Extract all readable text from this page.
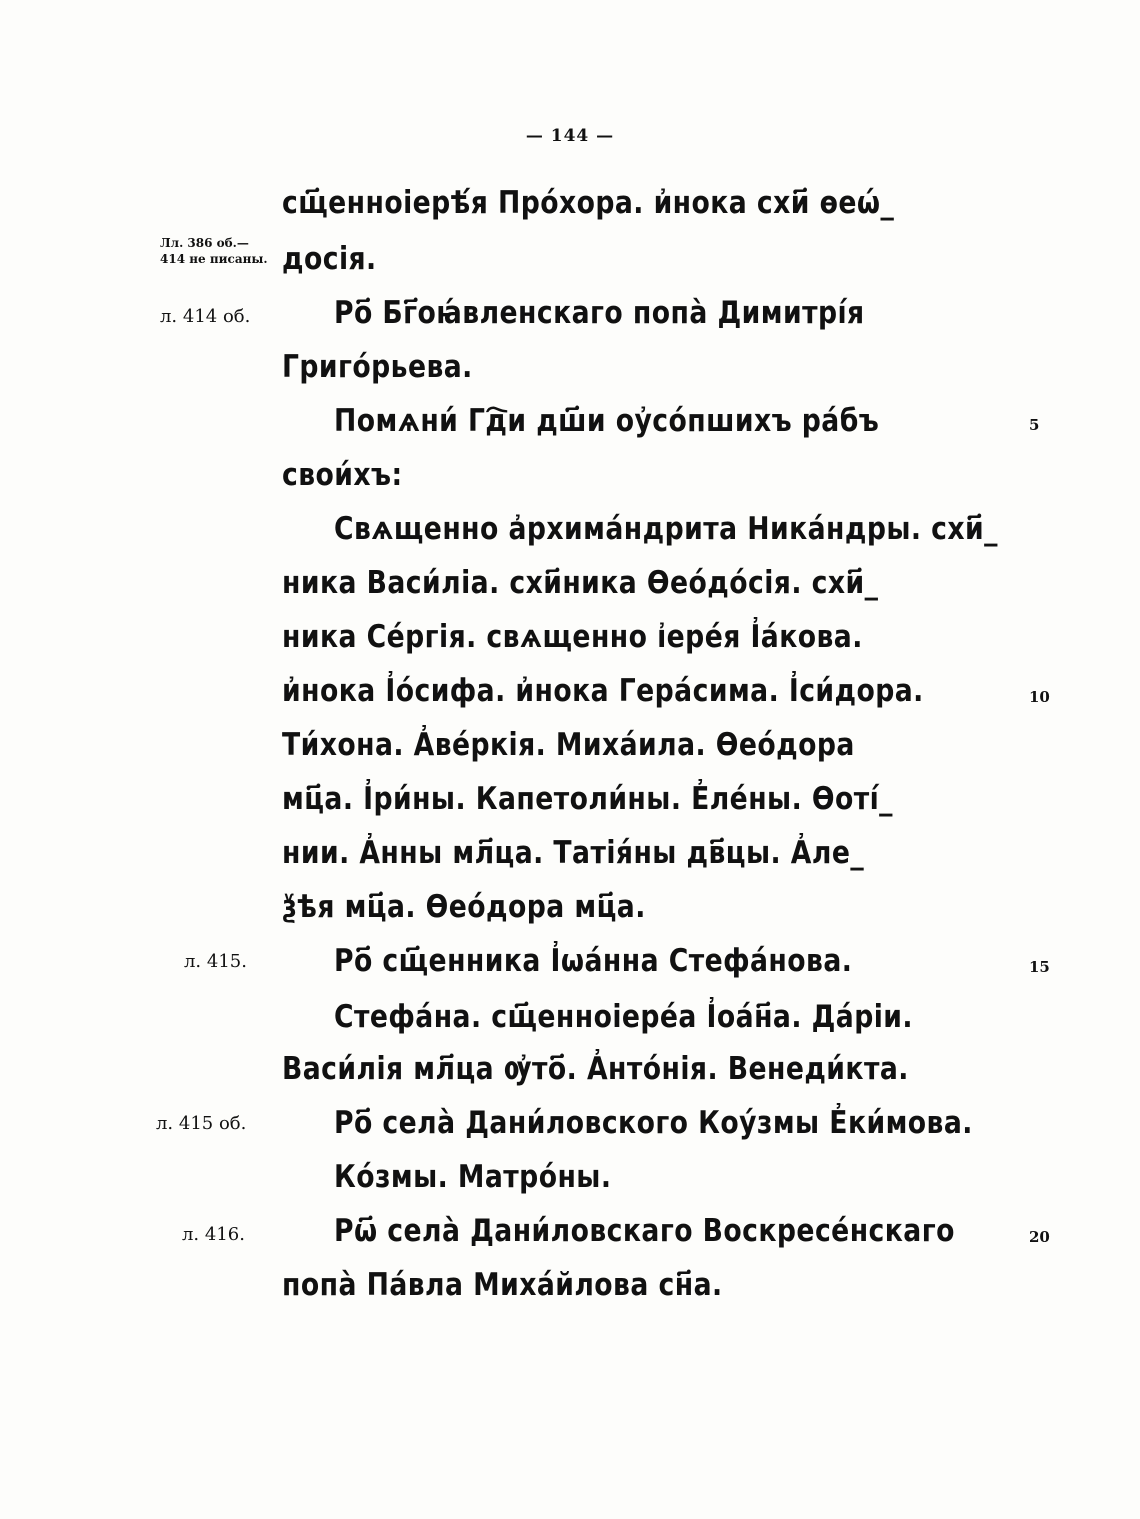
— 144 —
Лл. 386 об.—
414 не писаны.
л. 414 об.
л. 415.
л. 415 об.
л. 416.
5
10
15
20
сщ҃енноіерѣ́я Про́хора. и҆нока схи҃ ѳеѡ́_
досія.
Ро҃ Бг҃оꙗ́вленскаго попа̀ Димитрі́я
Григо́рьева.
Помѧни́ Гд҇и дш҃и оу҆со́пшихъ ра́бъ
свои́хъ:
Свѧщенно а҆рхима́ндрита Ника́ндры. схи҃_
ника Васи́ліа. схи҃ника Ѳео́до́сія. схи҃_
ника Се́ргія. свѧщенно і҆ере́я І҆а́кова.
и҆нока І҆о́сифа. и҆нока Гера́сима. І҆си́дора.
Ти́хона. А҆ве́ркія. Миха́ила. Ѳео́дора
мц҃а. І҆ри́ны. Капетоли́ны. Е҆ле́ны. Ѳоті́_
нии. А҆нны мл҃ца. Татія́ны дв҃цы. А҆ле_
ѯѣя мц҃а. Ѳео́дора мц҃а.
Ро҃ сщ҃енника І҆ѡа́нна Стефа́нова.
Стефа́на. сщ҃енноіере́а І҆оа́н҃а. Да́ріи.
Васи́лія мл҃ца ѹ҆то҃. А҆нто́нія. Венеди́кта.
Ро҃ села̀ Дани́ловского Коу́змы Е҆ки́мова.
Ко́змы. Матро́ны.
Рѡ҃ села̀ Дани́ловскаго Воскресе́нскаго
попа̀ Па́вла Миха́йлова сн҃а.
